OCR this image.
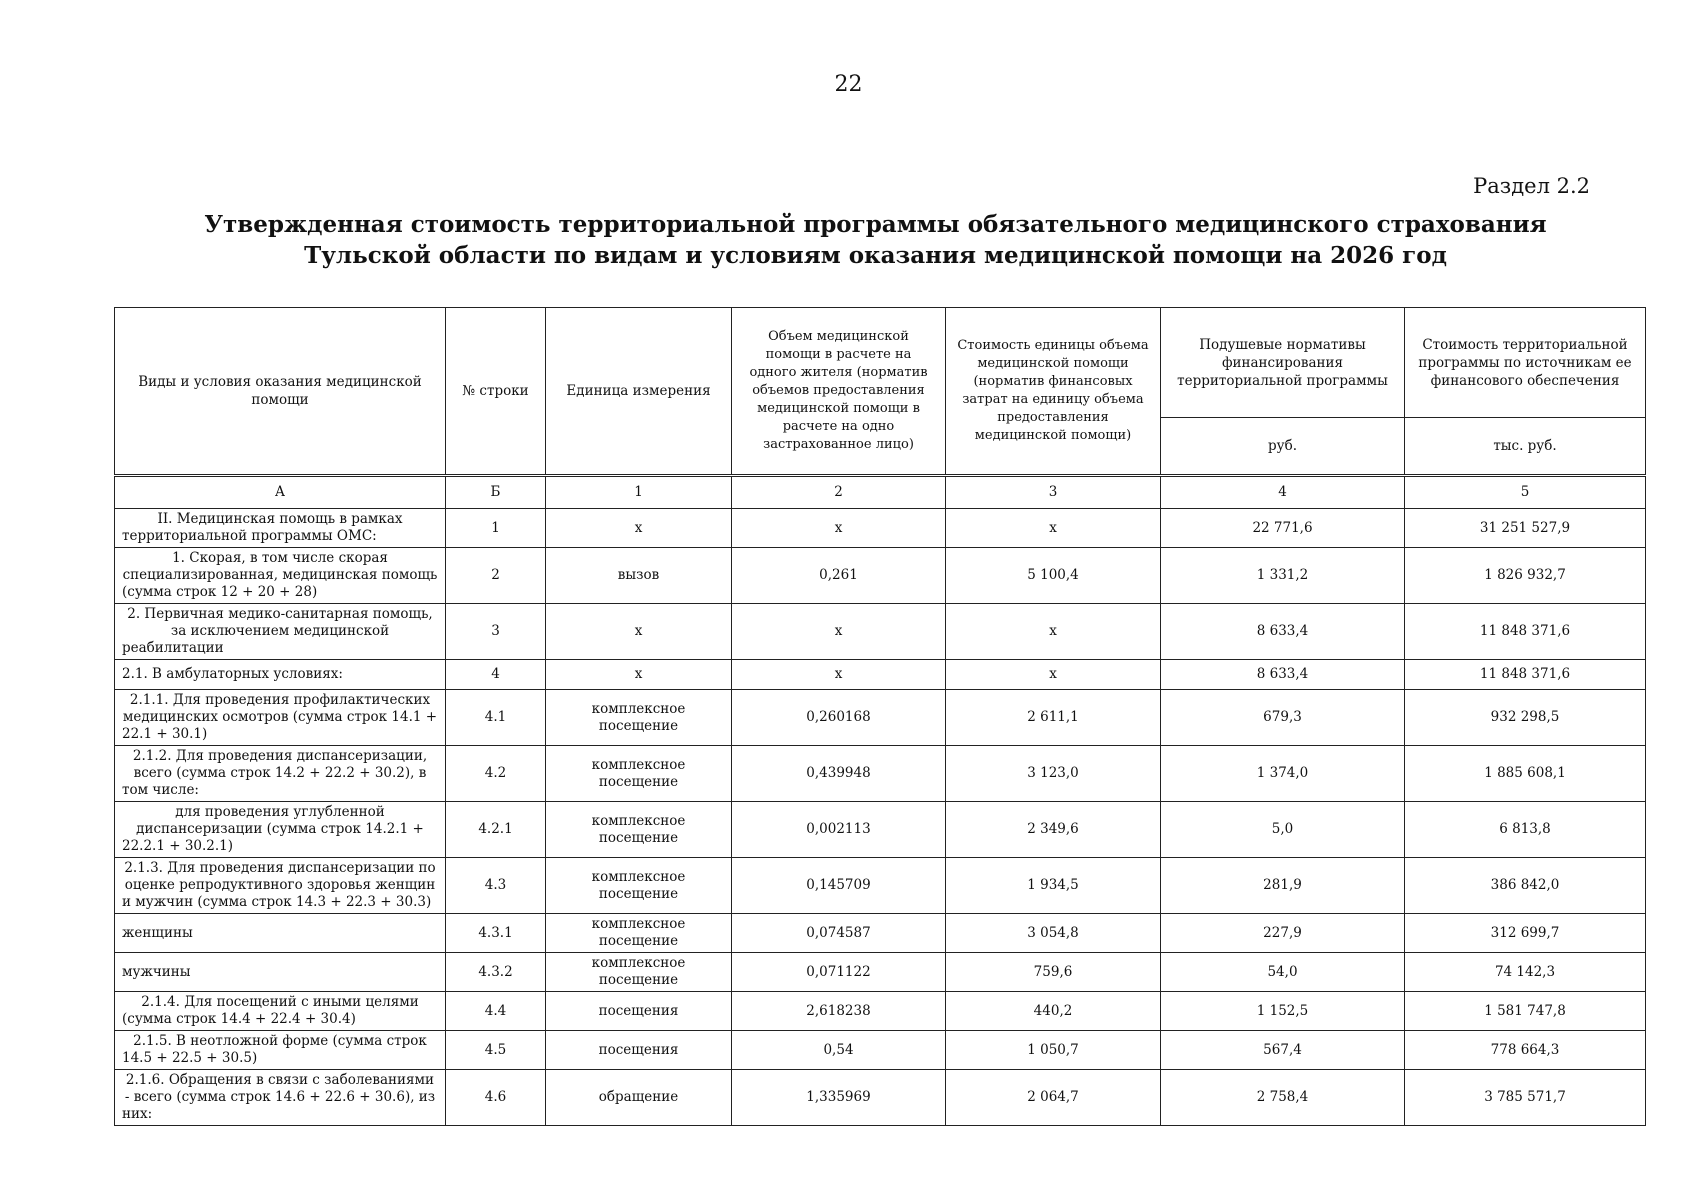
22
Раздел 2.2
Утвержденная стоимость территориальной программы обязательного медицинского страхования
Тульской области по видам и условиям оказания медицинской помощи на 2026 год
Виды и условия оказания медицинской помощи	№ строки	Единица измерения	Объем медицинской помощи в расчете на одного жителя (норматив объемов предоставления медицинской помощи в расчете на одно застрахованное лицо)	Стоимость единицы объема медицинской помощи (норматив финансовых затрат на единицу объема предоставления медицинской помощи)	Подушевые нормативы финансирования территориальной программы	Стоимость территориальной программы по источникам ее финансового обеспечения
					руб.	тыс. руб.
А	Б	1	2	3	4	5
II. Медицинская помощь в рамках территориальной программы ОМС:	1	х	х	х	22 771,6	31 251 527,9
1. Скорая, в том числе скорая специализированная, медицинская помощь (сумма строк 12 + 20 + 28)	2	вызов	0,261	5 100,4	1 331,2	1 826 932,7
2. Первичная медико-санитарная помощь, за исключением медицинской реабилитации	3	х	х	х	8 633,4	11 848 371,6
2.1. В амбулаторных условиях:	4	х	х	х	8 633,4	11 848 371,6
2.1.1. Для проведения профилактических медицинских осмотров (сумма строк 14.1 + 22.1 + 30.1)	4.1	комплексное посещение	0,260168	2 611,1	679,3	932 298,5
2.1.2. Для проведения диспансеризации, всего (сумма строк 14.2 + 22.2 + 30.2), в том числе:	4.2	комплексное посещение	0,439948	3 123,0	1 374,0	1 885 608,1
для проведения углубленной диспансеризации (сумма строк 14.2.1 + 22.2.1 + 30.2.1)	4.2.1	комплексное посещение	0,002113	2 349,6	5,0	6 813,8
2.1.3. Для проведения диспансеризации по оценке репродуктивного здоровья женщин и мужчин (сумма строк 14.3 + 22.3 + 30.3)	4.3	комплексное посещение	0,145709	1 934,5	281,9	386 842,0
женщины	4.3.1	комплексное посещение	0,074587	3 054,8	227,9	312 699,7
мужчины	4.3.2	комплексное посещение	0,071122	759,6	54,0	74 142,3
2.1.4. Для посещений с иными целями (сумма строк 14.4 + 22.4 + 30.4)	4.4	посещения	2,618238	440,2	1 152,5	1 581 747,8
2.1.5. В неотложной форме (сумма строк 14.5 + 22.5 + 30.5)	4.5	посещения	0,54	1 050,7	567,4	778 664,3
2.1.6. Обращения в связи с заболеваниями - всего (сумма строк 14.6 + 22.6 + 30.6), из них:	4.6	обращение	1,335969	2 064,7	2 758,4	3 785 571,7
